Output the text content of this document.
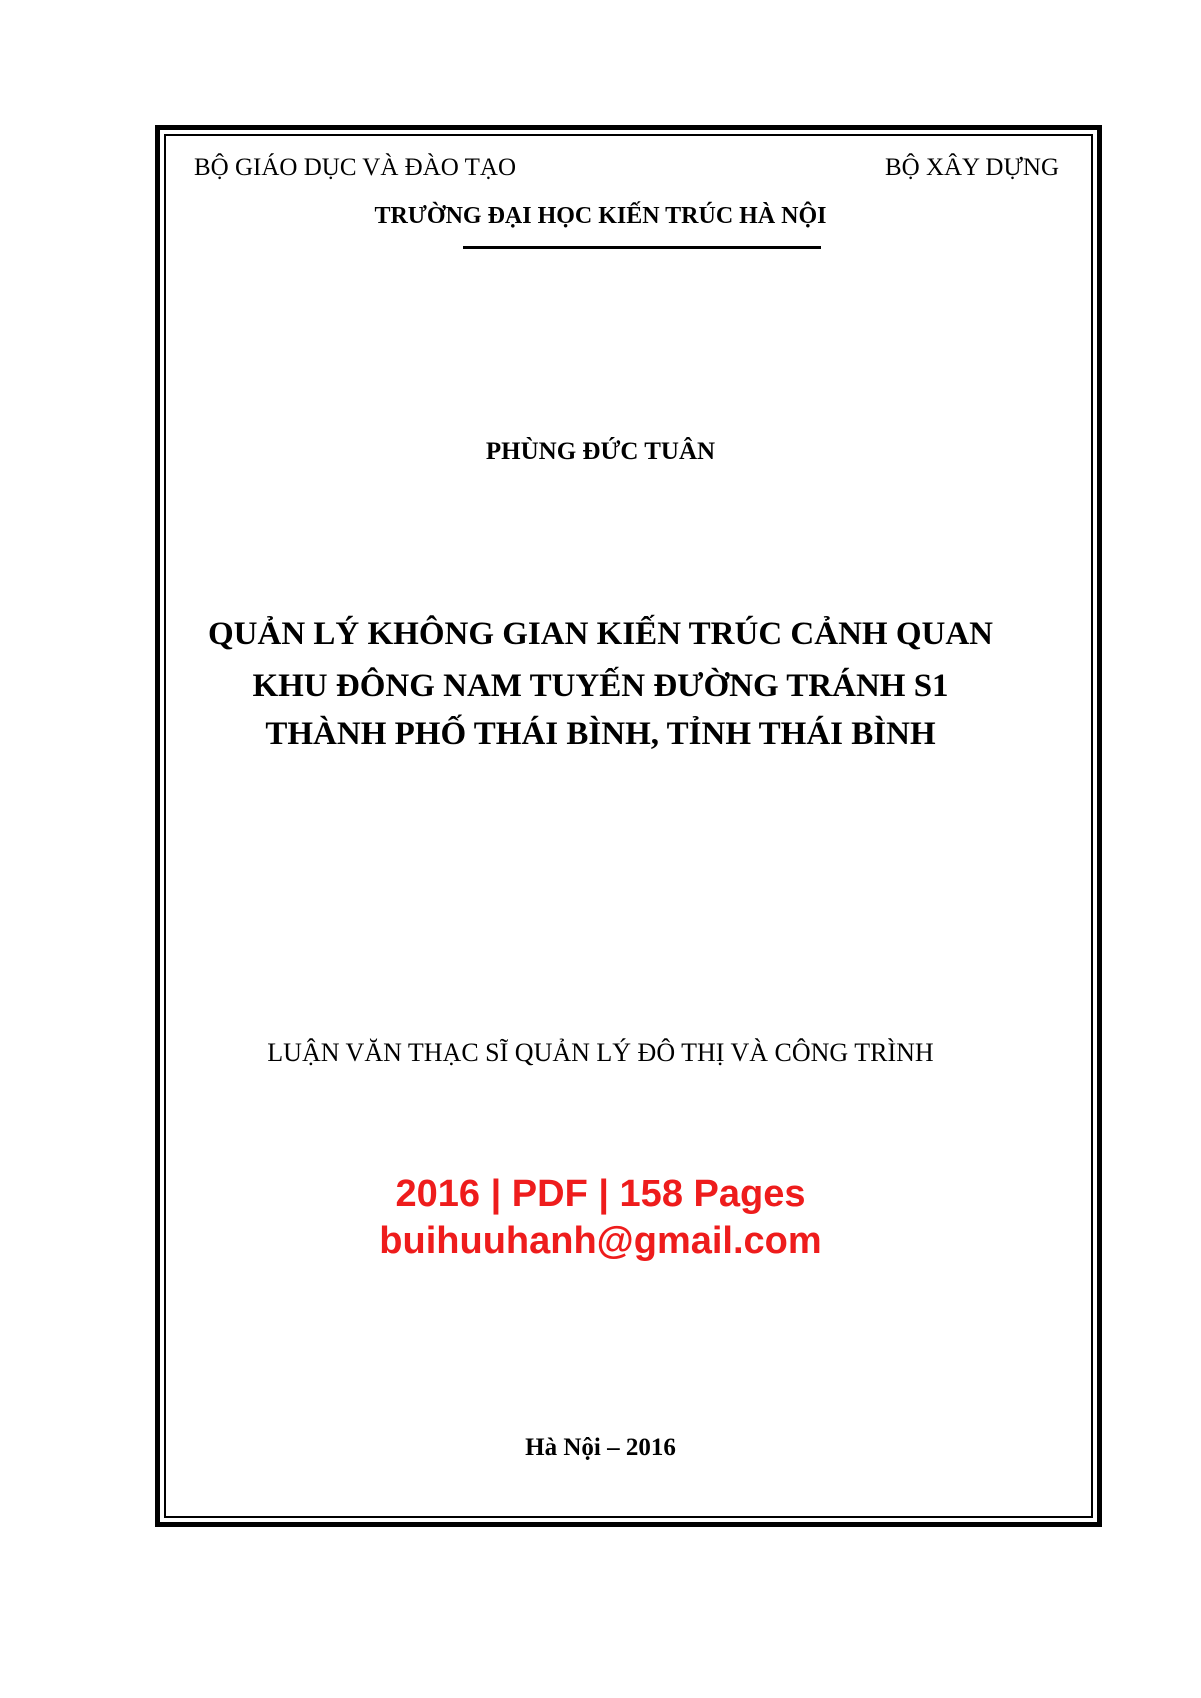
BỘ GIÁO DỤC VÀ ĐÀO TẠO	BỘ XÂY DỰNG
TRƯỜNG ĐẠI HỌC KIẾN TRÚC HÀ NỘI
PHÙNG ĐỨC TUÂN
QUẢN LÝ KHÔNG GIAN KIẾN TRÚC CẢNH QUAN
KHU ĐÔNG NAM TUYẾN ĐƯỜNG TRÁNH S1
THÀNH PHỐ THÁI BÌNH, TỈNH THÁI BÌNH
LUẬN VĂN THẠC SĨ QUẢN LÝ ĐÔ THỊ VÀ CÔNG TRÌNH
2016 | PDF | 158 Pages
buihuuhanh@gmail.com
Hà Nội – 2016
